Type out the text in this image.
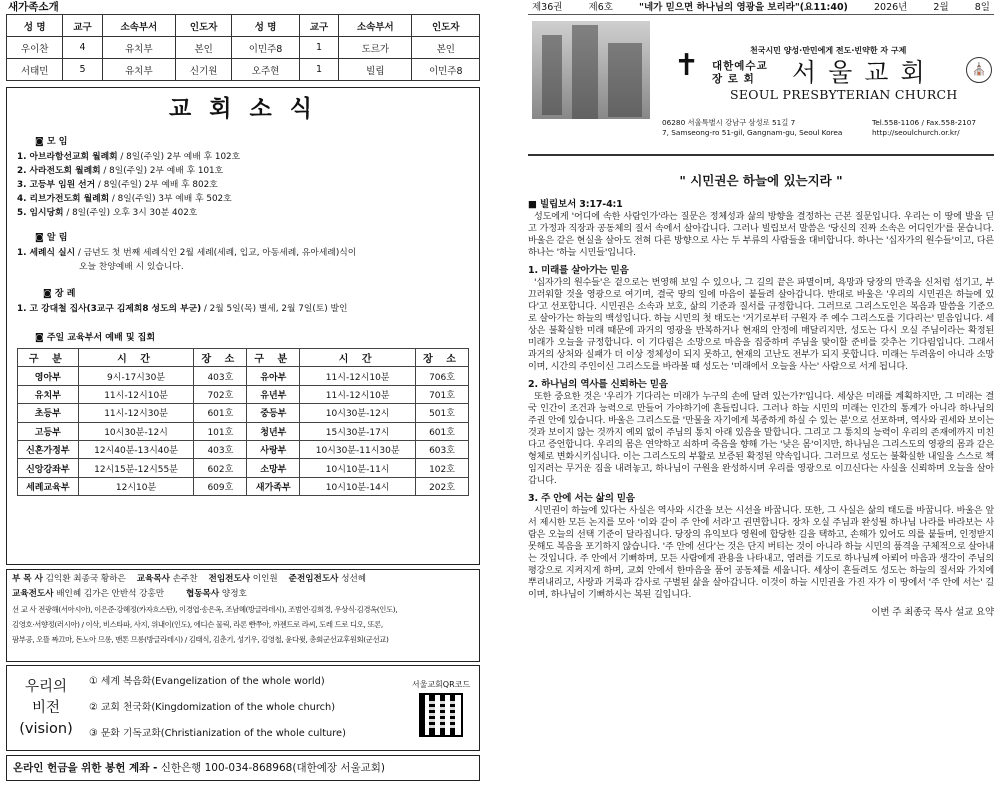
새가족소개
성 명	교구	소속부서	인도자	성 명	교구	소속부서	인도자
우이찬	4	유치부	본인	이민주8	1	도르가	본인
서태민	5	유치부	신기원	오주현	1	빌립	이민주8
교 회 소 식
◙ 모 임
1. 아브라함선교회 월례회 / 8일(주일) 2부 예배 후 102호
2. 사라전도회 월례회 / 8일(주일) 2부 예배 후 101호
3. 고등부 임원 선거 / 8일(주일) 2부 예배 후 802호
4. 리브가전도회 월례회 / 8일(주일) 3부 예배 후 502호
5. 임시당회 / 8일(주일) 오후 3시 30분 402호
◙ 알 림
1. 세례식 실시 / 금년도 첫 번째 세례식인 2월 세례(세례, 입교, 아동세례, 유아세례)식이
오늘 찬양예배 시 있습니다.
◙ 장 례
1. 고 강대철 집사(3교구 김제희8 성도의 부군) / 2월 5일(목) 별세, 2월 7일(토) 발인
◙ 주일 교육부서 예배 및 집회
구 분	시 간	장 소	구 분	시 간	장 소
영아부	9시-17시30분	403호	유아부	11시-12시10분	706호
유치부	11시-12시10분	702호	유년부	11시-12시10분	701호
초등부	11시-12시30분	601호	중등부	10시30분-12시	501호
고등부	10시30분-12시	101호	청년부	15시30분-17시	601호
신혼가정부	12시40분-13시40분	403호	사랑부	10시30분-11시30분	603호
신앙강좌부	12시15분-12시55분	602호	소망부	10시10분-11시	102호
세례교육부	12시10분	609호	새가족부	10시10분-14시	202호
부 목 사 김익환 최종국 황하은 교육목사 손주찬 전임전도사 이인원 준전임전도사 성선혜
교육전도사 배인혜 김가은 안반석 강홍만	협동목사 양정호
선 교 사 전광해(서아시아), 이은준·강혜정(카자흐스탄), 이경엽·송은옥, 조남혜(방글라데시), 조범연·김희경, 우상식·김경옥(인도),
김영호·서향정(러시아) / 이삭, 비스타파, 사지, 위내이(인도), 에디슨 물릭, 라론 빤쭈아, 까젠드로 라씨, 도레 드로 디오, 또론,
팜부공, 오뜰 짜끄마, 돈노아 므롱, 맨톤 므롱(방글라데시) / 김태식, 김춘기, 성기우, 김영철, 윤다윗, 총회군선교후원회(군선교)
우리의
비전
(vision)
① 세계 복음화(Evangelization of the whole world)
② 교회 천국화(Kingdomization of the whole church)
③ 문화 기독교화(Christianization of the whole culture)
서울교회QR코드
온라인 헌금을 위한 봉헌 계좌 - 신한은행 100-034-868968(대한예장 서울교회)
제36권	제6호	"네가 믿으면 하나님의 영광을 보리라"(요11:40)	2026년	2월	8일
✝	천국시민 양성·만민에게 전도·빈약한 자 구제
대한예수교
장 로 회	서울교회	⛪
SEOUL PRESBYTERIAN CHURCH
06280 서울특별시 강남구 삼성로 51길 7
7, Samseong-ro 51-gil, Gangnam-gu, Seoul Korea
Tel.558-1106 / Fax.558-2107
http://seoulchurch.or.kr/
" 시민권은 하늘에 있는지라 "
■ 빌립보서 3:17-4:1

성도에게 '어디에 속한 사람인가'라는 질문은 정체성과 삶의 방향을 결정하는 근본 질문입니다. 우리는 이 땅에 발을 딛고 가정과 직장과 공동체의 질서 속에서 살아갑니다. 그러나 빌립보서 말씀은 '당신의 진짜 소속은 어디인가'를 묻습니다. 바울은 같은 현실을 살아도 전혀 다른 방향으로 사는 두 부류의 사람들을 대비합니다. 하나는 '십자가의 원수들'이고, 다른 하나는 '하늘 시민들'입니다.

1. 미래를 살아가는 믿음

'십자가의 원수들'은 겉으로는 번영해 보일 수 있으나, 그 길의 끝은 파멸이며, 욕망과 당장의 만족을 신처럼 섬기고, 부끄러워할 것을 영광으로 여기며, 결국 땅의 일에 마음이 붙들려 살아갑니다. 반대로 바울은 '우리의 시민권은 하늘에 있다'고 선포합니다. 시민권은 소속과 보호, 삶의 기준과 질서를 규정합니다. 그러므로 그리스도인은 복음과 말씀을 기준으로 살아가는 하늘의 백성입니다. 하늘 시민의 첫 태도는 '거기로부터 구원자 주 예수 그리스도를 기다리는' 믿음입니다. 세상은 불확실한 미래 때문에 과거의 영광을 반복하거나 현재의 안정에 매달리지만, 성도는 다시 오실 주님이라는 확정된 미래가 오늘을 규정합니다. 이 기다림은 소망으로 마음을 집중하며 주님을 맞이할 준비를 갖추는 기다림입니다. 그래서 과거의 상처와 실패가 더 이상 정체성이 되지 못하고, 현재의 고난도 전부가 되지 못합니다. 미래는 두려움이 아니라 소망이며, 시간의 주인이신 그리스도를 바라볼 때 성도는 '미래에서 오늘을 사는' 사람으로 서게 됩니다.

2. 하나님의 역사를 신뢰하는 믿음

또한 중요한 것은 '우리가 기다리는 미래가 누구의 손에 달려 있는가?'입니다. 세상은 미래를 계획하지만, 그 미래는 결국 인간이 조건과 능력으로 만들어 가야하기에 흔들립니다. 그러나 하늘 시민의 미래는 인간의 통계가 아니라 하나님의 주권 안에 있습니다. 바울은 그리스도를 '만물을 자기에게 복종하게 하실 수 있는 분'으로 선포하며, 역사와 권세와 보이는 것과 보이지 않는 것까지 예외 없이 주님의 통치 아래 있음을 말합니다. 그리고 그 통치의 능력이 우리의 존재에까지 미친다고 증언합니다. 우리의 몸은 연약하고 쇠하며 죽음을 향해 가는 '낮은 몸'이지만, 하나님은 그리스도의 영광의 몸과 같은 형체로 변화시키십니다. 이는 그리스도의 부활로 보증된 확정된 약속입니다. 그러므로 성도는 불확실한 내일을 스스로 책임지려는 무거운 짐을 내려놓고, 하나님이 구원을 완성하시며 우리를 영광으로 이끄신다는 사실을 신뢰하며 오늘을 살아갑니다.

3. 주 안에 서는 삶의 믿음

시민권이 하늘에 있다는 사실은 역사와 시간을 보는 시선을 바꿉니다. 또한, 그 사실은 삶의 태도를 바꿉니다. 바울은 앞서 제시한 모든 논지를 모아 '이와 같이 주 안에 서라'고 권면합니다. 장차 오실 주님과 완성될 하나님 나라를 바라보는 사람은 오늘의 선택 기준이 달라집니다. 당장의 유익보다 영원에 합당한 길을 택하고, 손해가 있어도 의를 붙들며, 인정받지 못해도 복음을 포기하지 않습니다. '주 안에 선다'는 것은 단지 버티는 것이 아니라 하늘 시민의 품격을 구체적으로 살아내는 것입니다. 주 안에서 기뻐하며, 모든 사람에게 관용을 나타내고, 염려를 기도로 하나님께 아뢰어 마음과 생각이 주님의 평강으로 지켜지게 하며, 교회 안에서 한마음을 품어 공동체를 세웁니다. 세상이 흔들려도 성도는 하늘의 질서와 가치에 뿌리내리고, 사랑과 거룩과 감사로 구별된 삶을 살아갑니다. 이것이 하늘 시민권을 가진 자가 이 땅에서 '주 안에 서는' 길이며, 하나님이 기뻐하시는 복된 길입니다.

이번 주 최종국 목사 설교 요약
